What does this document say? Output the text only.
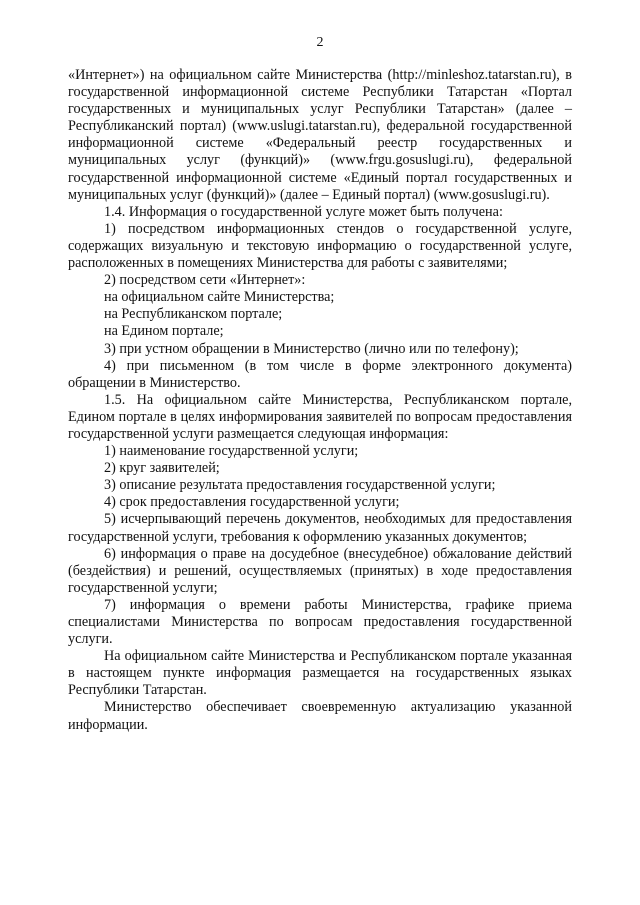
2

«Интернет») на официальном сайте Министерства (http://minleshoz.tatarstan.ru), в государственной информационной системе Республики Татарстан «Портал государственных и муниципальных услуг Республики Татарстан» (далее – Республиканский портал) (www.uslugi.tatarstan.ru), федеральной государственной информационной системе «Федеральный реестр государственных и муниципальных услуг (функций)» (www.frgu.gosuslugi.ru), федеральной государственной информационной системе «Единый портал государственных и муниципальных услуг (функций)» (далее – Единый портал) (www.gosuslugi.ru).

1.4. Информация о государственной услуге может быть получена:

1) посредством информационных стендов о государственной услуге, содержащих визуальную и текстовую информацию о государственной услуге, расположенных в помещениях Министерства для работы с заявителями;

2) посредством сети «Интернет»:

на официальном сайте Министерства;

на Республиканском портале;

на Едином портале;

3) при устном обращении в Министерство (лично или по телефону);

4) при письменном (в том числе в форме электронного документа) обращении в Министерство.

1.5. На официальном сайте Министерства, Республиканском портале, Едином портале в целях информирования заявителей по вопросам предоставления государственной услуги размещается следующая информация:

1) наименование государственной услуги;

2) круг заявителей;

3) описание результата предоставления государственной услуги;

4) срок предоставления государственной услуги;

5) исчерпывающий перечень документов, необходимых для предоставления государственной услуги, требования к оформлению указанных документов;

6) информация о праве на досудебное (внесудебное) обжалование действий (бездействия) и решений, осуществляемых (принятых) в ходе предоставления государственной услуги;

7) информация о времени работы Министерства, графике приема специалистами Министерства по вопросам предоставления государственной услуги.

На официальном сайте Министерства и Республиканском портале указанная в настоящем пункте информация размещается на государственных языках Республики Татарстан.

Министерство обеспечивает своевременную актуализацию указанной информации.
